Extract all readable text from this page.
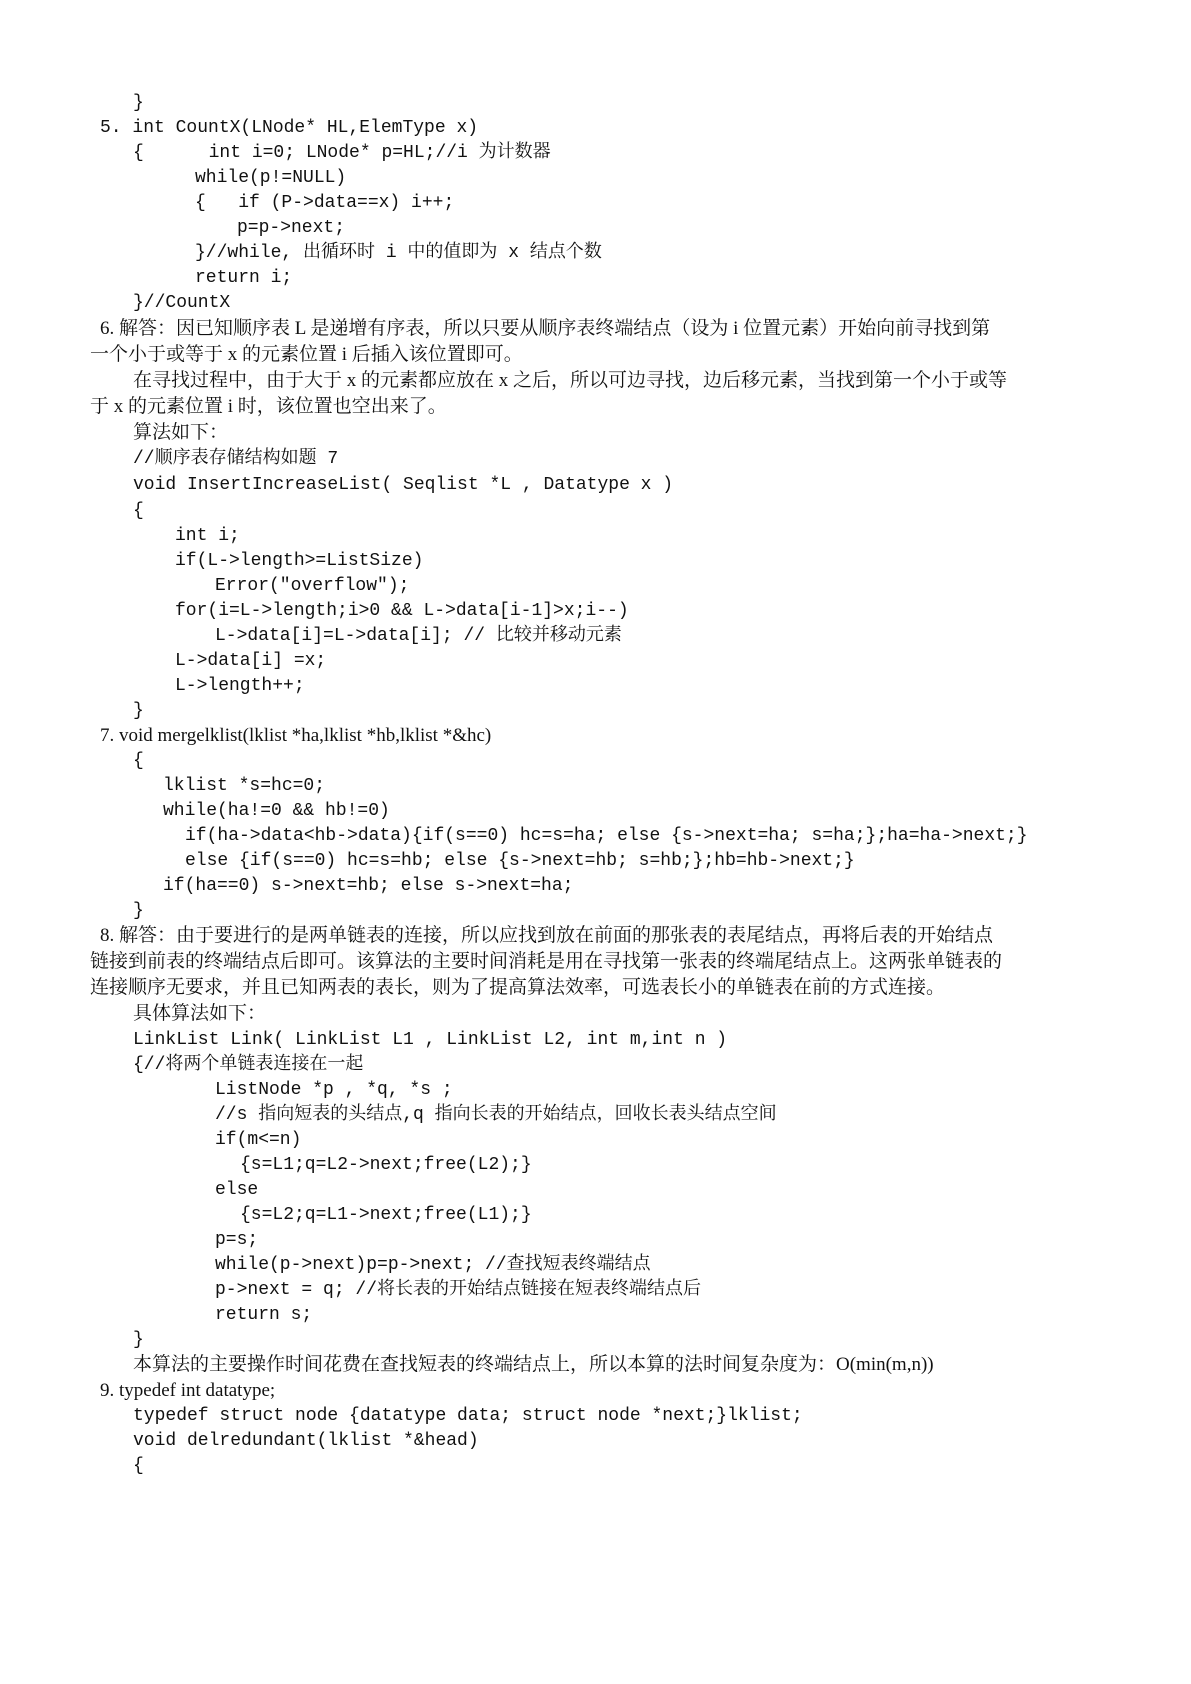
}
5. int CountX(LNode* HL,ElemType x)
{      int i=0; LNode* p=HL;//i 为计数器
while(p!=NULL)
{   if (P->data==x) i++;
p=p->next;
}//while, 出循环时 i 中的值即为 x 结点个数
return i;
}//CountX
6. 解答：因已知顺序表 L 是递增有序表，所以只要从顺序表终端结点（设为 i 位置元素）开始向前寻找到第
一个小于或等于 x 的元素位置 i 后插入该位置即可。
在寻找过程中，由于大于 x 的元素都应放在 x 之后，所以可边寻找，边后移元素，当找到第一个小于或等
于 x 的元素位置 i 时，该位置也空出来了。
算法如下：
//顺序表存储结构如题 7
void InsertIncreaseList( Seqlist *L , Datatype x )
{
int i;
if(L->length>=ListSize)
Error("overflow");
for(i=L->length;i>0 && L->data[i-1]>x;i--)
L->data[i]=L->data[i]; // 比较并移动元素
L->data[i] =x;
L->length++;
}
7. void mergelklist(lklist *ha,lklist *hb,lklist *&hc)
{
lklist *s=hc=0;
while(ha!=0 && hb!=0)
if(ha->data<hb->data){if(s==0) hc=s=ha; else {s->next=ha; s=ha;};ha=ha->next;}
else {if(s==0) hc=s=hb; else {s->next=hb; s=hb;};hb=hb->next;}
if(ha==0) s->next=hb; else s->next=ha;
}
8. 解答：由于要进行的是两单链表的连接，所以应找到放在前面的那张表的表尾结点，再将后表的开始结点
链接到前表的终端结点后即可。该算法的主要时间消耗是用在寻找第一张表的终端尾结点上。这两张单链表的
连接顺序无要求，并且已知两表的表长，则为了提高算法效率，可选表长小的单链表在前的方式连接。
具体算法如下：
LinkList Link( LinkList L1 , LinkList L2, int m,int n )
{//将两个单链表连接在一起
ListNode *p , *q, *s ;
//s 指向短表的头结点,q 指向长表的开始结点，回收长表头结点空间
if(m<=n)
{s=L1;q=L2->next;free(L2);}
else
{s=L2;q=L1->next;free(L1);}
p=s;
while(p->next)p=p->next; //查找短表终端结点
p->next = q; //将长表的开始结点链接在短表终端结点后
return s;
}
本算法的主要操作时间花费在查找短表的终端结点上，所以本算的法时间复杂度为：O(min(m,n))
9. typedef int datatype;
typedef struct node {datatype data; struct node *next;}lklist;
void delredundant(lklist *&head)
{
